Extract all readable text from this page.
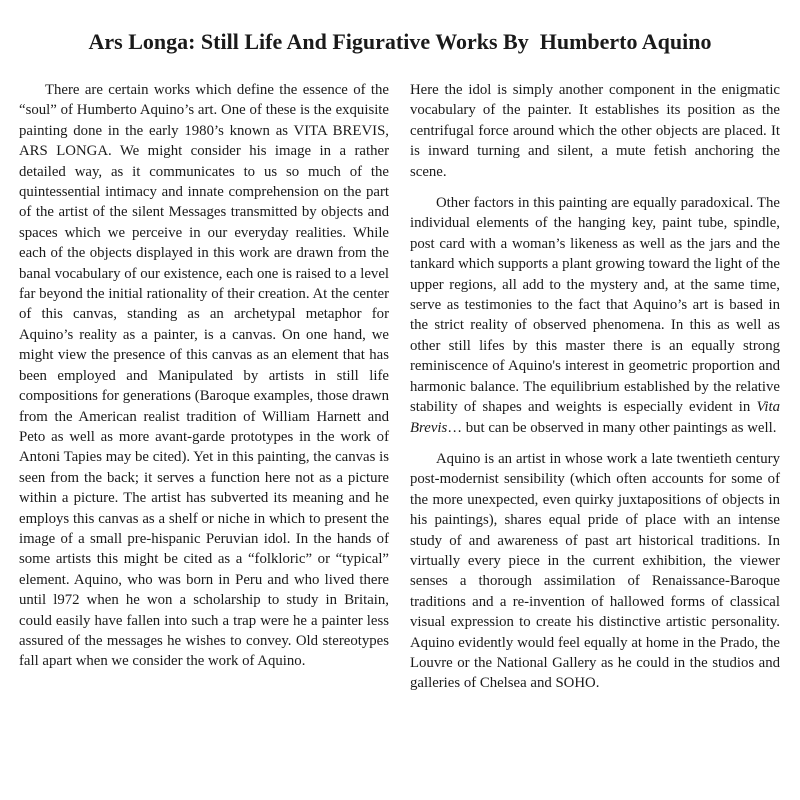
Ars Longa: Still Life And Figurative Works By  Humberto Aquino

There are certain works which define the essence of the “soul” of Humberto Aquino’s art. One of these is the exquisite painting done in the early 1980’s known as VITA BREVIS, ARS LONGA. We might consider his image in a rather detailed way, as it communicates to us so much of the quintessential intimacy and innate comprehension on the part of the artist of the silent Messages transmitted by objects and spaces which we perceive in our everyday realities. While each of the objects displayed in this work are drawn from the banal vocabulary of our existence, each one is raised to a level far beyond the initial rationality of their creation. At the center of this canvas, standing as an archetypal metaphor for Aquino’s reality as a painter, is a canvas. On one hand, we might view the presence of this canvas as an element that has been employed and Manipulated by artists in still life compositions for generations (Baroque examples, those drawn from the American realist tradition of William Harnett and Peto as well as more avant-garde prototypes in the work of Antoni Tapies may be cited). Yet in this painting, the canvas is seen from the back; it serves a function here not as a picture within a picture. The artist has subverted its meaning and he employs this canvas as a shelf or niche in which to present the image of a small pre-hispanic Peruvian idol. In the hands of some artists this might be cited as a “folkloric” or “typical” element. Aquino, who was born in Peru and who lived there until l972 when he won a scholarship to study in Britain, could easily have fallen into such a trap were he a painter less assured of the messages he wishes to convey. Old stereotypes fall apart when we consider the work of Aquino.

Here the idol is simply another component in the enigmatic vocabulary of the painter. It establishes its position as the centrifugal force around which the other objects are placed. It is inward turning and silent, a mute fetish anchoring the scene.

Other factors in this painting are equally paradoxical. The individual elements of the hanging key, paint tube, spindle, post card with a woman’s likeness as well as the jars and the tankard which supports a plant growing toward the light of the upper regions, all add to the mystery and, at the same time, serve as testimonies to the fact that Aquino’s art is based in the strict reality of observed phenomena. In this as well as other still lifes by this master there is an equally strong reminiscence of Aquino's interest in geometric proportion and harmonic balance. The equilibrium established by the relative stability of shapes and weights is especially evident in Vita Brevis… but can be observed in many other paintings as well.

Aquino is an artist in whose work a late twentieth century post-modernist sensibility (which often accounts for some of the more unexpected, even quirky juxtapositions of objects in his paintings), shares equal pride of place with an intense study of and awareness of past art historical traditions. In virtually every piece in the current exhibition, the viewer senses a thorough assimilation of Renaissance-Baroque traditions and a re-invention of hallowed forms of classical visual expression to create his distinctive artistic personality. Aquino evidently would feel equally at home in the Prado, the Louvre or the National Gallery as he could in the studios and galleries of Chelsea and SOHO.
